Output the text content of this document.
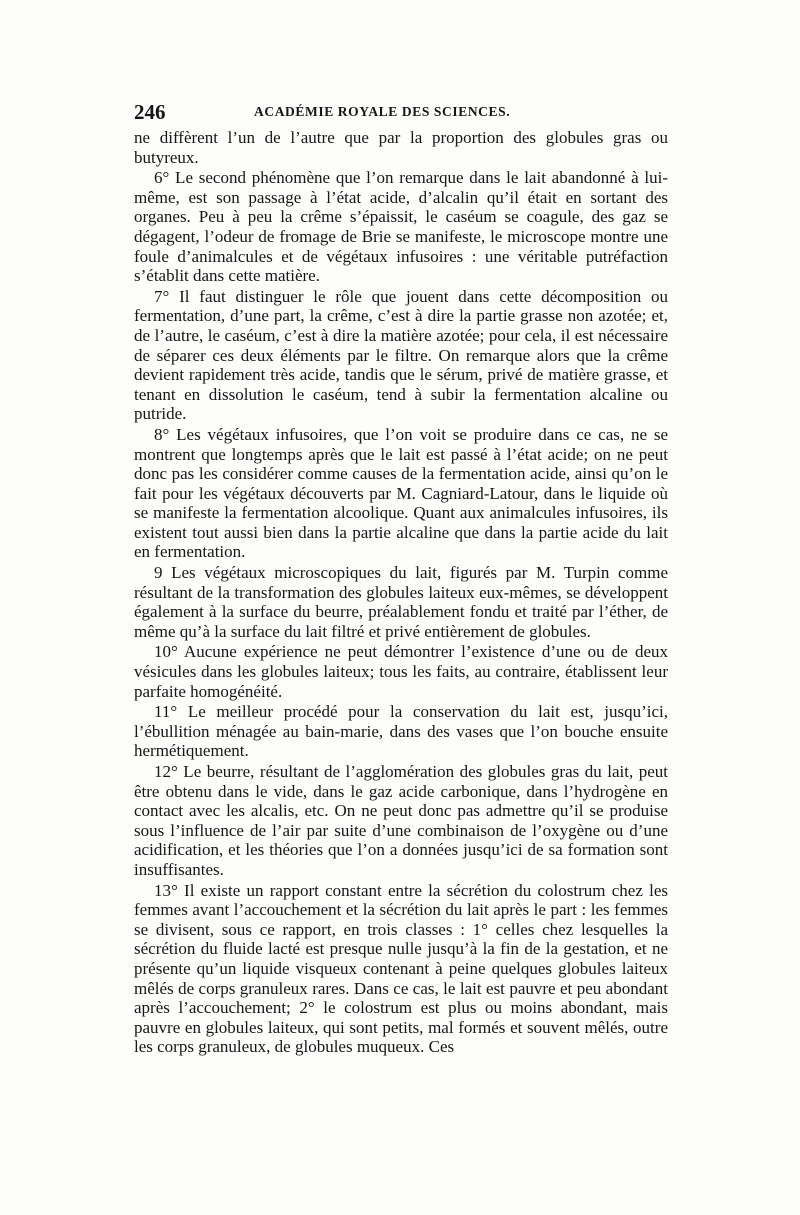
246	ACADÉMIE ROYALE DES SCIENCES.

ne diffèrent l’un de l’autre que par la proportion des globules gras ou butyreux.

6° Le second phénomène que l’on remarque dans le lait abandonné à lui-même, est son passage à l’état acide, d’alcalin qu’il était en sortant des organes. Peu à peu la crême s’épaissit, le caséum se coagule, des gaz se dégagent, l’odeur de fromage de Brie se manifeste, le microscope montre une foule d’animalcules et de végétaux infusoires : une véritable putréfaction s’établit dans cette matière.

7° Il faut distinguer le rôle que jouent dans cette décomposition ou fermentation, d’une part, la crême, c’est à dire la partie grasse non azotée; et, de l’autre, le caséum, c’est à dire la matière azotée; pour cela, il est nécessaire de séparer ces deux éléments par le filtre. On remarque alors que la crême devient rapidement très acide, tandis que le sérum, privé de matière grasse, et tenant en dissolution le caséum, tend à subir la fermentation alcaline ou putride.

8° Les végétaux infusoires, que l’on voit se produire dans ce cas, ne se montrent que longtemps après que le lait est passé à l’état acide; on ne peut donc pas les considérer comme causes de la fermentation acide, ainsi qu’on le fait pour les végétaux découverts par M. Cagniard-Latour, dans le liquide où se manifeste la fermentation alcoolique. Quant aux animalcules infusoires, ils existent tout aussi bien dans la partie alcaline que dans la partie acide du lait en fermentation.

9 Les végétaux microscopiques du lait, figurés par M. Turpin comme résultant de la transformation des globules laiteux eux-mêmes, se développent également à la surface du beurre, préalablement fondu et traité par l’éther, de même qu’à la surface du lait filtré et privé entièrement de globules.

10° Aucune expérience ne peut démontrer l’existence d’une ou de deux vésicules dans les globules laiteux; tous les faits, au contraire, établissent leur parfaite homogénéité.

11° Le meilleur procédé pour la conservation du lait est, jusqu’ici, l’ébullition ménagée au bain-marie, dans des vases que l’on bouche ensuite hermétiquement.

12° Le beurre, résultant de l’agglomération des globules gras du lait, peut être obtenu dans le vide, dans le gaz acide carbonique, dans l’hydrogène en contact avec les alcalis, etc. On ne peut donc pas admettre qu’il se produise sous l’influence de l’air par suite d’une combinaison de l’oxygène ou d’une acidification, et les théories que l’on a données jusqu’ici de sa formation sont insuffisantes.

13° Il existe un rapport constant entre la sécrétion du colostrum chez les femmes avant l’accouchement et la sécrétion du lait après le part : les femmes se divisent, sous ce rapport, en trois classes : 1° celles chez lesquelles la sécrétion du fluide lacté est presque nulle jusqu’à la fin de la gestation, et ne présente qu’un liquide visqueux contenant à peine quelques globules laiteux mêlés de corps granuleux rares. Dans ce cas, le lait est pauvre et peu abondant après l’accouchement; 2° le colostrum est plus ou moins abondant, mais pauvre en globules laiteux, qui sont petits, mal formés et souvent mêlés, outre les corps granuleux, de globules muqueux. Ces
